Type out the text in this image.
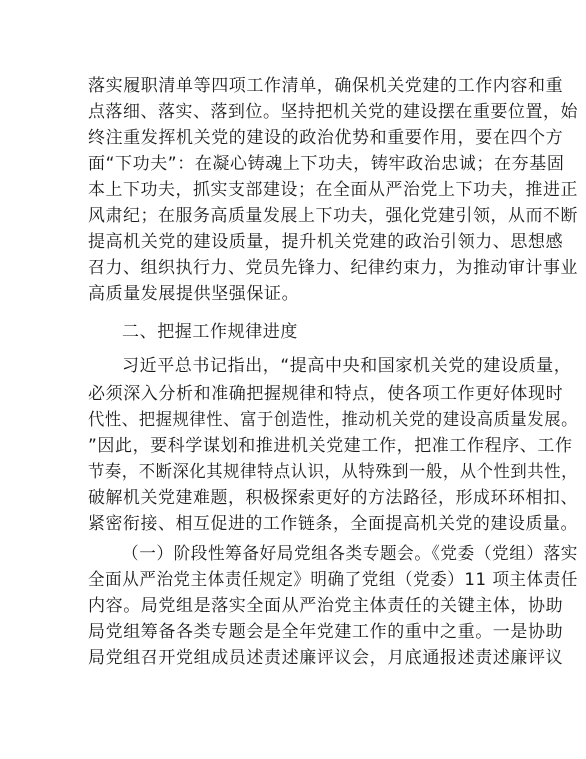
落实履职清单等四项工作清单，确保机关党建的工作内容和重
点落细、落实、落到位。坚持把机关党的建设摆在重要位置，始
终注重发挥机关党的建设的政治优势和重要作用，要在四个方
面“下功夫”：在凝心铸魂上下功夫，铸牢政治忠诚；在夯基固
本上下功夫，抓实支部建设；在全面从严治党上下功夫，推进正
风肃纪；在服务高质量发展上下功夫，强化党建引领，从而不断
提高机关党的建设质量，提升机关党建的政治引领力、思想感
召力、组织执行力、党员先锋力、纪律约束力，为推动审计事业
高质量发展提供坚强保证。
二、把握工作规律进度
习近平总书记指出，“提高中央和国家机关党的建设质量，
必须深入分析和准确把握规律和特点，使各项工作更好体现时
代性、把握规律性、富于创造性，推动机关党的建设高质量发展。
”因此，要科学谋划和推进机关党建工作，把准工作程序、工作
节奏，不断深化其规律特点认识，从特殊到一般，从个性到共性，
破解机关党建难题，积极探索更好的方法路径，形成环环相扣、
紧密衔接、相互促进的工作链条，全面提高机关党的建设质量。
（一）阶段性筹备好局党组各类专题会。《党委（党组）落实
全面从严治党主体责任规定》明确了党组（党委）11 项主体责任
内容。局党组是落实全面从严治党主体责任的关键主体，协助
局党组筹备各类专题会是全年党建工作的重中之重。一是协助
局党组召开党组成员述责述廉评议会，月底通报述责述廉评议
